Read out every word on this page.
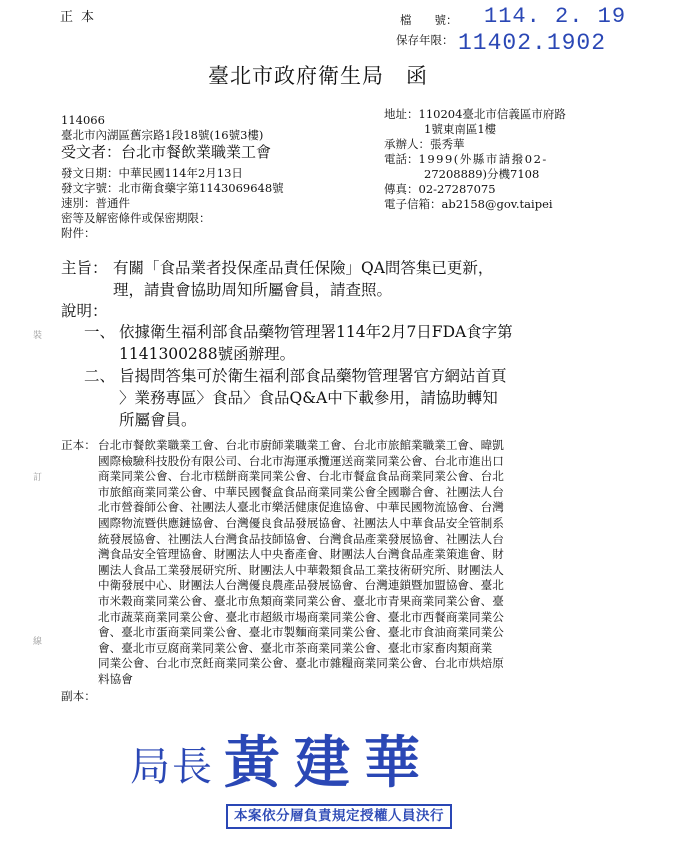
正本	檔　　號： 114. 2. 19
保存年限： 11402.1902
臺北市政府衛生局　函
114066
臺北市內湖區舊宗路1段18號(16號3樓)
受文者：台北市餐飲業職業工會
地址：110204臺北市信義區市府路
1號東南區1樓
承辦人：張秀華
電話：1999(外縣市請撥02-
27208889)分機7108
傳真：02-27287075
電子信箱：ab2158@gov.taipei
發文日期：中華民國114年2月13日
發文字號：北市衛食藥字第1143069648號
速別：普通件
密等及解密條件或保密期限：
附件：
主旨： 有關「食品業者投保產品責任保險」QA問答集已更新，
理，請貴會協助周知所屬會員，請查照。
說明：
一、 依據衛生福利部食品藥物管理署114年2月7日FDA食字第
1141300288號函辦理。
二、 旨揭問答集可於衛生福利部食品藥物管理署官方網站首頁
〉業務專區〉食品〉食品Q&A中下載參用，請協助轉知
所屬會員。
正本： 台北市餐飲業職業工會、台北市廚師業職業工會、台北市旅館業職業工會、暐凱
國際檢驗科技股份有限公司、台北市海運承攬運送商業同業公會、台北市進出口
商業同業公會、台北市糕餅商業同業公會、台北市餐盒食品商業同業公會、台北
市旅館商業同業公會、中華民國餐盒食品商業同業公會全國聯合會、社團法人台
北市營養師公會、社團法人臺北市樂活健康促進協會、中華民國物流協會、台灣
國際物流暨供應鏈協會、台灣優良食品發展協會、社團法人中華食品安全管制系
統發展協會、社團法人台灣食品技師協會、台灣食品產業發展協會、社團法人台
灣食品安全管理協會、財團法人中央畜產會、財團法人台灣食品產業策進會、財
團法人食品工業發展研究所、財團法人中華穀類食品工業技術研究所、財團法人
中衛發展中心、財團法人台灣優良農產品發展協會、台灣連鎖暨加盟協會、臺北
市米穀商業同業公會、臺北市魚類商業同業公會、臺北市青果商業同業公會、臺
北市蔬菜商業同業公會、臺北市超級市場商業同業公會、臺北市西餐商業同業公
會、臺北市蛋商業同業公會、臺北市製麵商業同業公會、臺北市食油商業同業公
會、臺北市豆腐商業同業公會、臺北市茶商業同業公會、臺北市家畜肉類商業
同業公會、台北市烹飪商業同業公會、臺北市雜糧商業同業公會、台北市烘焙原
料協會
副本：
裝
訂
線
局長 黃建華
本案依分層負責規定授權人員決行
